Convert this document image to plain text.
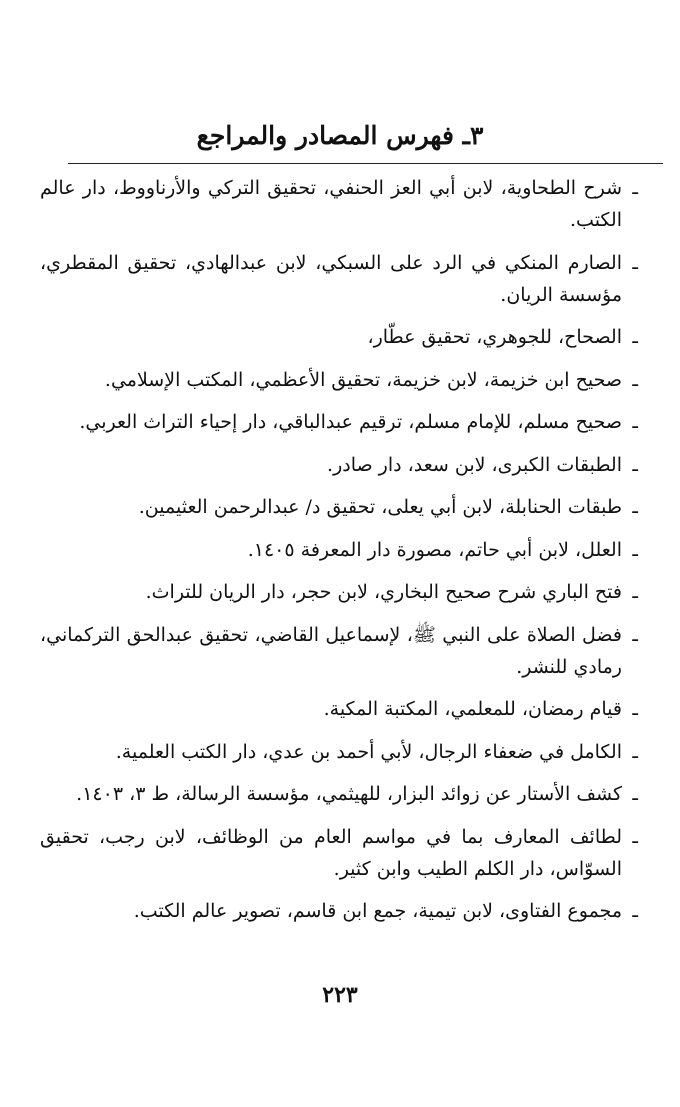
٣ـ فهرس المصادر والمراجع
ـ
شرح الطحاوية، لابن أبي العز الحنفي، تحقيق التركي والأرناووط، دار عالم الكتب.
ـ
الصارم المنكي في الرد على السبكي، لابن عبدالهادي، تحقيق المقطري، مؤسسة الريان.
ـ
الصحاح، للجوهري، تحقيق عطّار،
ـ
صحيح ابن خزيمة، لابن خزيمة، تحقيق الأعظمي، المكتب الإسلامي.
ـ
صحيح مسلم، للإمام مسلم، ترقيم عبدالباقي، دار إحياء التراث العربي.
ـ
الطبقات الكبرى، لابن سعد، دار صادر.
ـ
طبقات الحنابلة، لابن أبي يعلى، تحقيق د/ عبدالرحمن العثيمين.
ـ
العلل، لابن أبي حاتم، مصورة دار المعرفة ١٤٠٥.
ـ
فتح الباري شرح صحيح البخاري، لابن حجر، دار الريان للتراث.
ـ
فضل الصلاة على النبي ﷺ، لإسماعيل القاضي، تحقيق عبدالحق التركماني، رمادي للنشر.
ـ
قيام رمضان، للمعلمي، المكتبة المكية.
ـ
الكامل في ضعفاء الرجال، لأبي أحمد بن عدي، دار الكتب العلمية.
ـ
كشف الأستار عن زوائد البزار، للهيثمي، مؤسسة الرسالة، ط ٣، ١٤٠٣.
ـ
لطائف المعارف بما في مواسم العام من الوظائف، لابن رجب، تحقيق السوّاس، دار الكلم الطيب وابن كثير.
ـ
مجموع الفتاوى، لابن تيمية، جمع ابن قاسم، تصوير عالم الكتب.
٢٢٣
